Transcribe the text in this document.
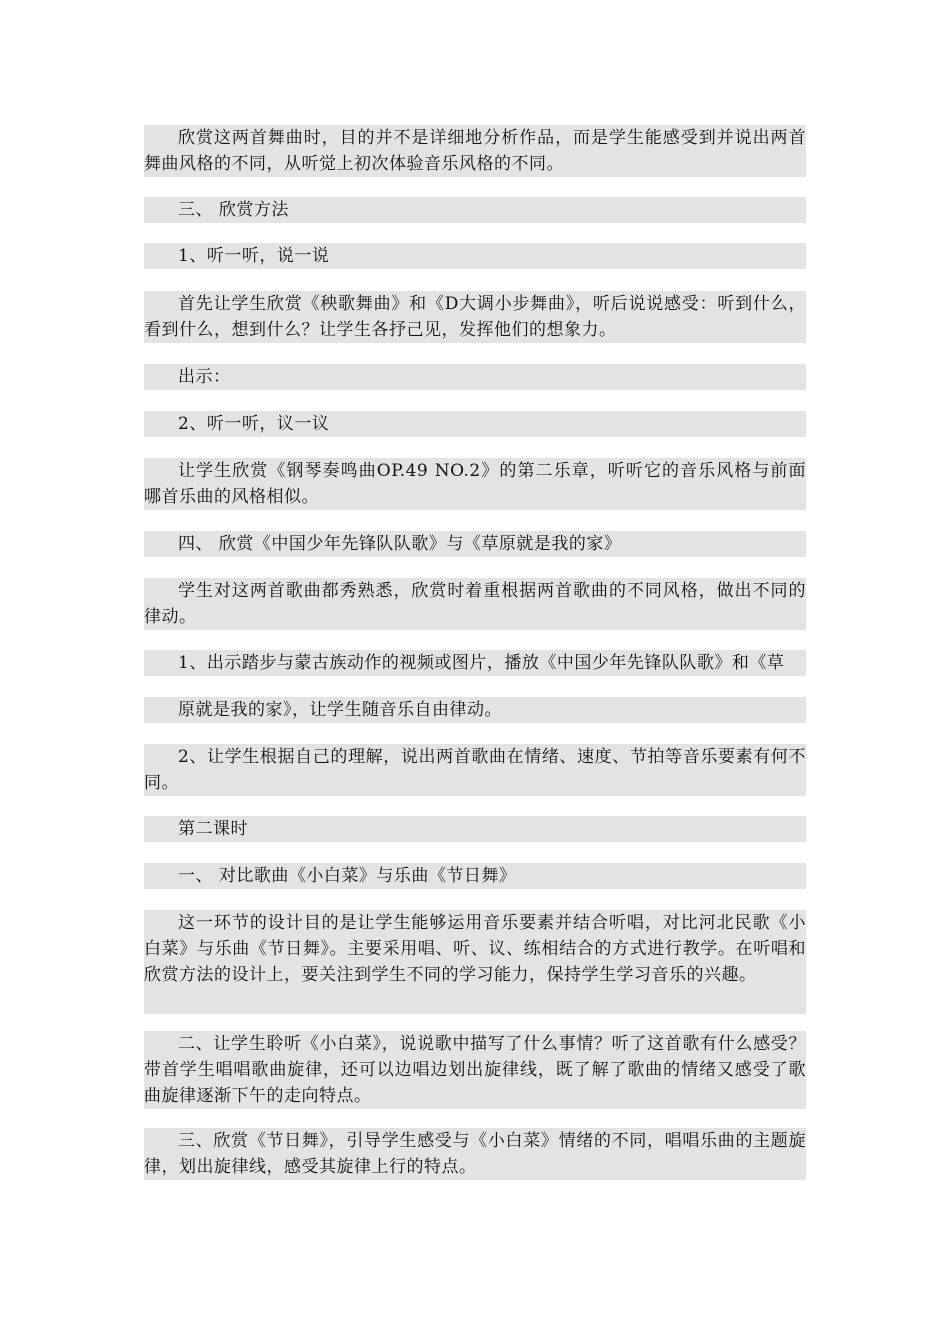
欣赏这两首舞曲时，目的并不是详细地分析作品，而是学生能感受到并说出两首舞曲风格的不同，从听觉上初次体验音乐风格的不同。

三、 欣赏方法

1、听一听，说一说

首先让学生欣赏《秧歌舞曲》和《D大调小步舞曲》，听后说说感受：听到什么，看到什么，想到什么？让学生各抒己见，发挥他们的想象力。

出示：

2、听一听，议一议

让学生欣赏《钢琴奏鸣曲OP.49 NO.2》的第二乐章，听听它的音乐风格与前面哪首乐曲的风格相似。

四、 欣赏《中国少年先锋队队歌》与《草原就是我的家》

学生对这两首歌曲都秀熟悉，欣赏时着重根据两首歌曲的不同风格，做出不同的律动。

1、出示踏步与蒙古族动作的视频或图片，播放《中国少年先锋队队歌》和《草

原就是我的家》，让学生随音乐自由律动。

2、让学生根据自己的理解，说出两首歌曲在情绪、速度、节拍等音乐要素有何不同。

第二课时

一、 对比歌曲《小白菜》与乐曲《节日舞》

这一环节的设计目的是让学生能够运用音乐要素并结合听唱，对比河北民歌《小白菜》与乐曲《节日舞》。主要采用唱、听、议、练相结合的方式进行教学。在听唱和欣赏方法的设计上，要关注到学生不同的学习能力，保持学生学习音乐的兴趣。

二、让学生聆听《小白菜》，说说歌中描写了什么事情？听了这首歌有什么感受？带首学生唱唱歌曲旋律，还可以边唱边划出旋律线，既了解了歌曲的情绪又感受了歌曲旋律逐渐下午的走向特点。

三、欣赏《节日舞》，引导学生感受与《小白菜》情绪的不同，唱唱乐曲的主题旋律，划出旋律线，感受其旋律上行的特点。
